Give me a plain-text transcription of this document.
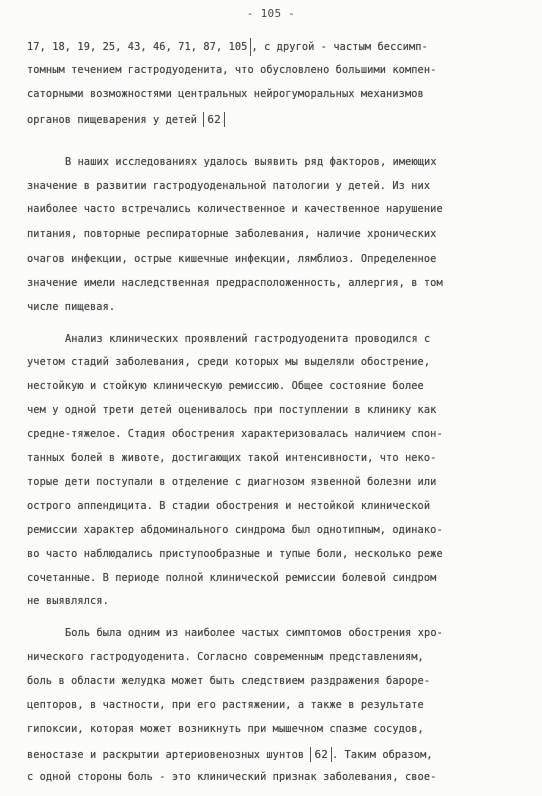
- 105 -
17, 18, 19, 25, 43, 46, 71, 87, 105 , с другой - частым бессимп-
томным течением гастродуоденита, что обусловлено большими компен-
саторными возможностями центральных нейрогуморальных механизмов
органов пищеварения у детей 62
В наших исследованиях удалось выявить ряд факторов, имеющих
значение в развитии гастродуоденальной патологии у детей. Из них
наиболее часто встречались количественное и качественное нарушение
питания, повторные респираторные заболевания, наличие хронических
очагов инфекции, острые кишечные инфекции, лямблиоз. Определенное
значение имели наследственная предрасположенность, аллергия, в том
числе пищевая.
Анализ клинических проявлений гастродуоденита проводился с
учетом стадий заболевания, среди которых мы выделяли обострение,
нестойкую и стойкую клиническую ремиссию. Общее состояние более
чем у одной трети детей оценивалось при поступлении в клинику как
средне-тяжелое. Стадия обострения характеризовалась наличием спон-
танных болей в животе, достигающих такой интенсивности, что неко-
торые дети поступали в отделение с диагнозом язвенной болезни или
острого аппендицита. В стадии обострения и нестойкой клинической
ремиссии характер абдоминального синдрома был однотипным, одинако-
во часто наблюдались приступообразные и тупые боли, несколько реже
сочетанные. В периоде полной клинической ремиссии болевой синдром
не выявлялся.
Боль была одним из наиболее частых симптомов обострения хро-
нического гастродуоденита. Согласно современным представлениям,
боль в области желудка может быть следствием раздражения бароре-
цепторов, в частности, при его растяжении, а также в результате
гипоксии, которая может возникнуть при мышечном спазме сосудов,
веностазе и раскрытии артериовенозных шунтов 62 . Таким образом,
с одной стороны боль - это клинический признак заболевания, своe-
